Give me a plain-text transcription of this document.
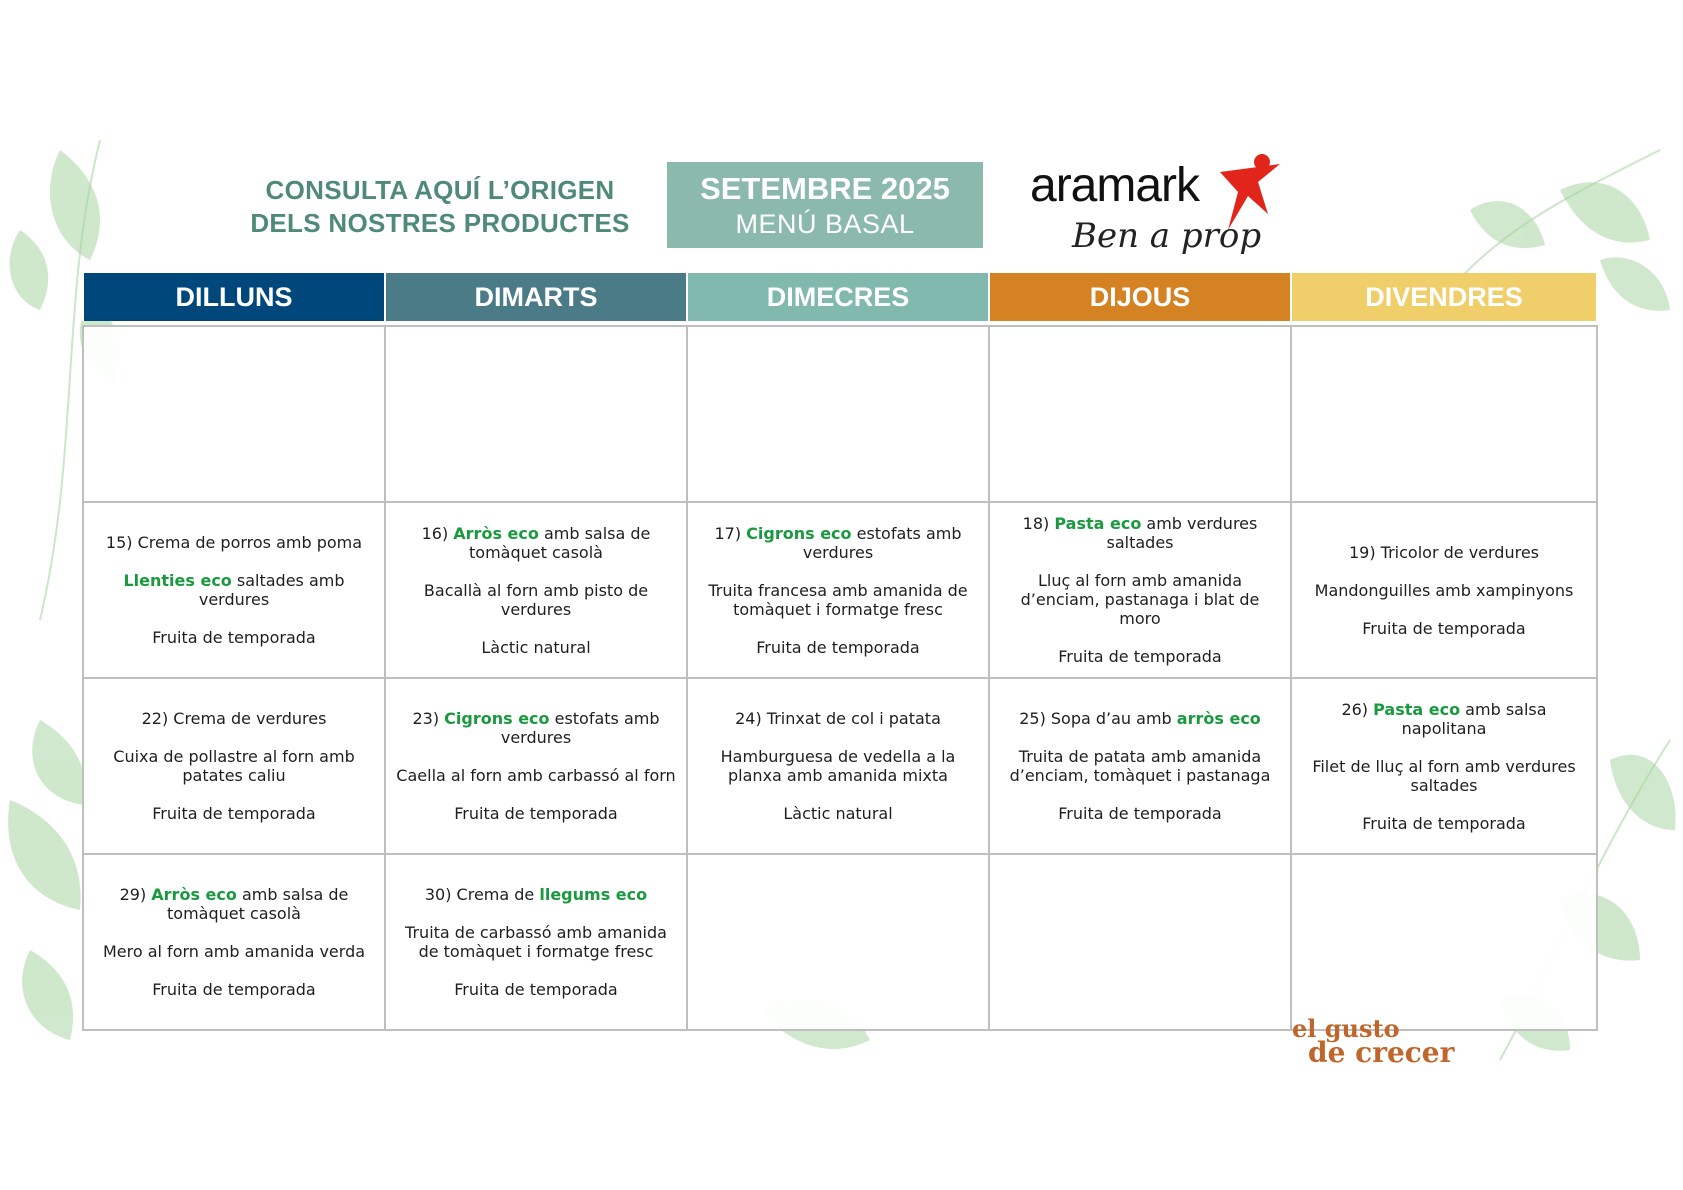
CONSULTA AQUÍ L’ORIGEN
DELS NOSTRES PRODUCTES
SETEMBRE 2025
MENÚ BASAL
aramark
Ben a prop
DILLUNS	DIMARTS	DIMECRES	DIJOUS	DIVENDRES

15) Crema de porros amb poma
Llenties eco saltades amb verdures
Fruita de temporada	16) Arròs eco amb salsa de tomàquet casolà
Bacallà al forn amb pisto de verdures
Làctic natural	17) Cigrons eco estofats amb verdures
Truita francesa amb amanida de tomàquet i formatge fresc
Fruita de temporada	18) Pasta eco amb verdures saltades
Lluç al forn amb amanida d’enciam, pastanaga i blat de moro
Fruita de temporada	19) Tricolor de verdures
Mandonguilles amb xampinyons
Fruita de temporada

22) Crema de verdures
Cuixa de pollastre al forn amb patates caliu
Fruita de temporada	23) Cigrons eco estofats amb verdures
Caella al forn amb carbassó al forn
Fruita de temporada	24) Trinxat de col i patata
Hamburguesa de vedella a la planxa amb amanida mixta
Làctic natural	25) Sopa d’au amb arròs eco
Truita de patata amb amanida d’enciam, tomàquet i pastanaga
Fruita de temporada	26) Pasta eco amb salsa napolitana
Filet de lluç al forn amb verdures saltades
Fruita de temporada

29) Arròs eco amb salsa de tomàquet casolà
Mero al forn amb amanida verda
Fruita de temporada	30) Crema de llegums eco
Truita de carbassó amb amanida de tomàquet i formatge fresc
Fruita de temporada			

el gusto
de crecer
